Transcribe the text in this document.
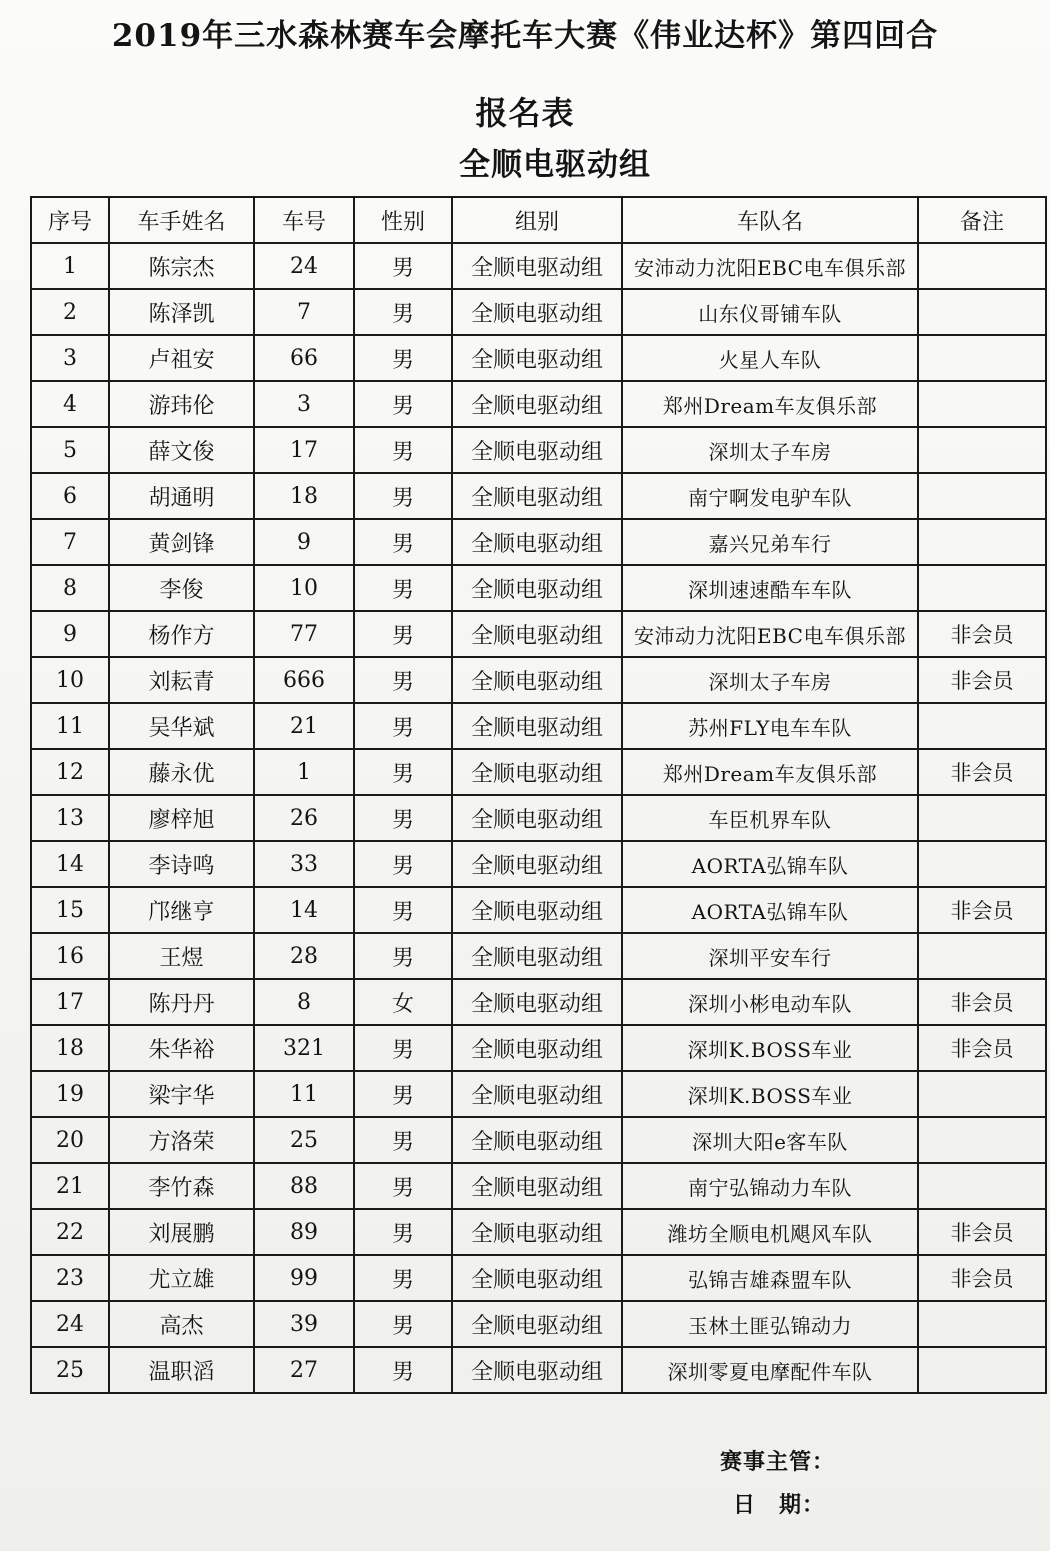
2019年三水森林赛车会摩托车大赛《伟业达杯》第四回合
报名表
全顺电驱动组
序号	车手姓名	车号	性别	组别	车队名	备注
1	陈宗杰	24	男	全顺电驱动组	安沛动力沈阳EBC电车俱乐部	
2	陈泽凯	7	男	全顺电驱动组	山东仪哥铺车队	
3	卢祖安	66	男	全顺电驱动组	火星人车队	
4	游玮伦	3	男	全顺电驱动组	郑州Dream车友俱乐部	
5	薛文俊	17	男	全顺电驱动组	深圳太子车房	
6	胡通明	18	男	全顺电驱动组	南宁啊发电驴车队	
7	黄剑锋	9	男	全顺电驱动组	嘉兴兄弟车行	
8	李俊	10	男	全顺电驱动组	深圳速速酷车车队	
9	杨作方	77	男	全顺电驱动组	安沛动力沈阳EBC电车俱乐部	非会员
10	刘耘青	666	男	全顺电驱动组	深圳太子车房	非会员
11	吴华斌	21	男	全顺电驱动组	苏州FLY电车车队	
12	藤永优	1	男	全顺电驱动组	郑州Dream车友俱乐部	非会员
13	廖梓旭	26	男	全顺电驱动组	车臣机界车队	
14	李诗鸣	33	男	全顺电驱动组	AORTA弘锦车队	
15	邝继亨	14	男	全顺电驱动组	AORTA弘锦车队	非会员
16	王煜	28	男	全顺电驱动组	深圳平安车行	
17	陈丹丹	8	女	全顺电驱动组	深圳小彬电动车队	非会员
18	朱华裕	321	男	全顺电驱动组	深圳K.BOSS车业	非会员
19	梁宇华	11	男	全顺电驱动组	深圳K.BOSS车业	
20	方洛荣	25	男	全顺电驱动组	深圳大阳e客车队	
21	李竹森	88	男	全顺电驱动组	南宁弘锦动力车队	
22	刘展鹏	89	男	全顺电驱动组	潍坊全顺电机飓风车队	非会员
23	尤立雄	99	男	全顺电驱动组	弘锦吉雄森盟车队	非会员
24	高杰	39	男	全顺电驱动组	玉林土匪弘锦动力	
25	温职滔	27	男	全顺电驱动组	深圳零夏电摩配件车队	
赛事主管：
日　期：
